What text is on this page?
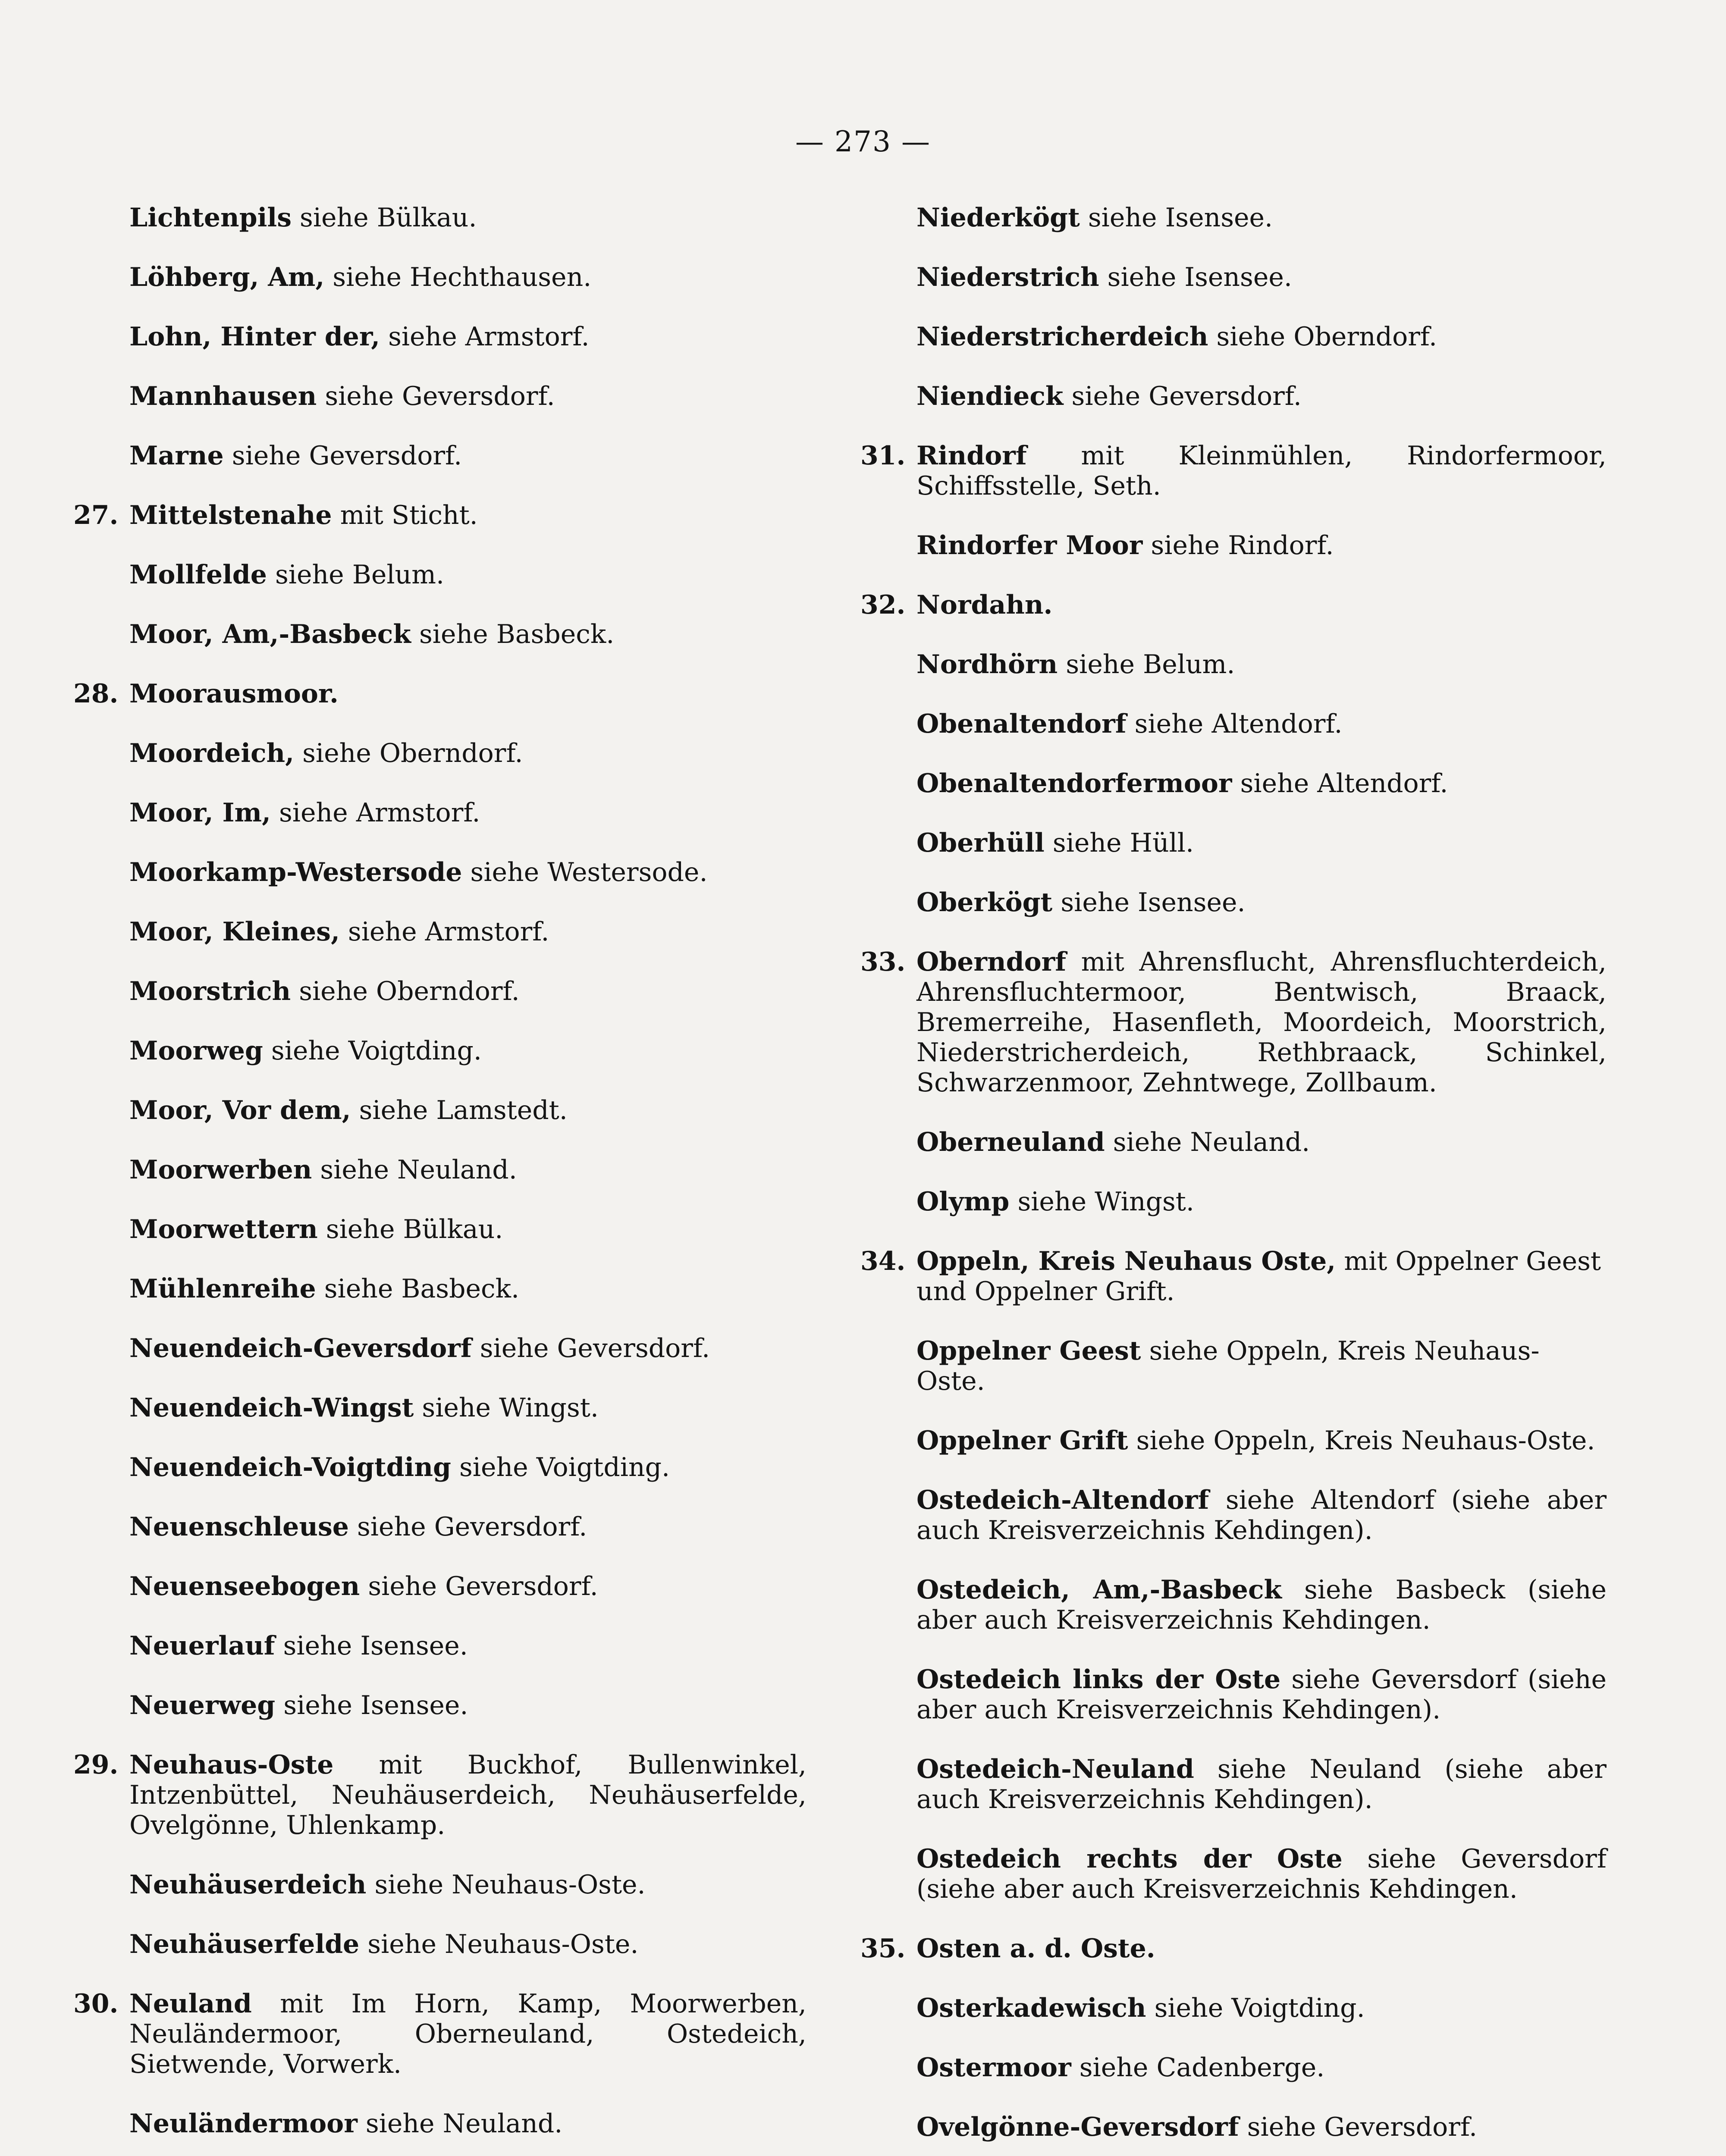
— 273 —
Lichtenpils siehe Bülkau.
Löhberg, Am, siehe Hechthausen.
Lohn, Hinter der, siehe Armstorf.
Mannhausen siehe Geversdorf.
Marne siehe Geversdorf.
27. Mittelstenahe mit Sticht.
Mollfelde siehe Belum.
Moor, Am,-Basbeck siehe Basbeck.
28. Moorausmoor.
Moordeich, siehe Oberndorf.
Moor, Im, siehe Armstorf.
Moorkamp-Westersode siehe Westersode.
Moor, Kleines, siehe Armstorf.
Moorstrich siehe Oberndorf.
Moorweg siehe Voigtding.
Moor, Vor dem, siehe Lamstedt.
Moorwerben siehe Neuland.
Moorwettern siehe Bülkau.
Mühlenreihe siehe Basbeck.
Neuendeich-Geversdorf siehe Geversdorf.
Neuendeich-Wingst siehe Wingst.
Neuendeich-Voigtding siehe Voigtding.
Neuenschleuse siehe Geversdorf.
Neuenseebogen siehe Geversdorf.
Neuerlauf siehe Isensee.
Neuerweg siehe Isensee.
29. Neuhaus-Oste mit Buckhof, Bullenwinkel, Intzenbüttel, Neuhäuserdeich, Neuhäuserfelde, Ovelgönne, Uhlenkamp.
Neuhäuserdeich siehe Neuhaus-Oste.
Neuhäuserfelde siehe Neuhaus-Oste.
30. Neuland mit Im Horn, Kamp, Moorwerben, Neuländermoor, Oberneuland, Ostedeich, Sietwende, Vorwerk.
Neuländermoor siehe Neuland.
Niederkögt siehe Isensee.
Niederstrich siehe Isensee.
Niederstricherdeich siehe Oberndorf.
Niendieck siehe Geversdorf.
31. Rindorf mit Kleinmühlen, Rindorfermoor, Schiffsstelle, Seth.
Rindorfer Moor siehe Rindorf.
32. Nordahn.
Nordhörn siehe Belum.
Obenaltendorf siehe Altendorf.
Obenaltendorfermoor siehe Altendorf.
Oberhüll siehe Hüll.
Oberkögt siehe Isensee.
33. Oberndorf mit Ahrensflucht, Ahrensfluchterdeich, Ahrensfluchtermoor, Bentwisch, Braack, Bremerreihe, Hasenfleth, Moordeich, Moorstrich, Niederstricherdeich, Rethbraack, Schinkel, Schwarzenmoor, Zehntwege, Zollbaum.
Oberneuland siehe Neuland.
Olymp siehe Wingst.
34. Oppeln, Kreis Neuhaus Oste, mit Oppelner Geest und Oppelner Grift.
Oppelner Geest siehe Oppeln, Kreis Neuhaus-Oste.
Oppelner Grift siehe Oppeln, Kreis Neuhaus-Oste.
Ostedeich-Altendorf siehe Altendorf (siehe aber auch Kreisverzeichnis Kehdingen).
Ostedeich, Am,-Basbeck siehe Basbeck (siehe aber auch Kreisverzeichnis Kehdingen.
Ostedeich links der Oste siehe Geversdorf (siehe aber auch Kreisverzeichnis Kehdingen).
Ostedeich-Neuland siehe Neuland (siehe aber auch Kreisverzeichnis Kehdingen).
Ostedeich rechts der Oste siehe Geversdorf (siehe aber auch Kreisverzeichnis Kehdingen.
35. Osten a. d. Oste.
Osterkadewisch siehe Voigtding.
Ostermoor siehe Cadenberge.
Ovelgönne-Geversdorf siehe Geversdorf.
